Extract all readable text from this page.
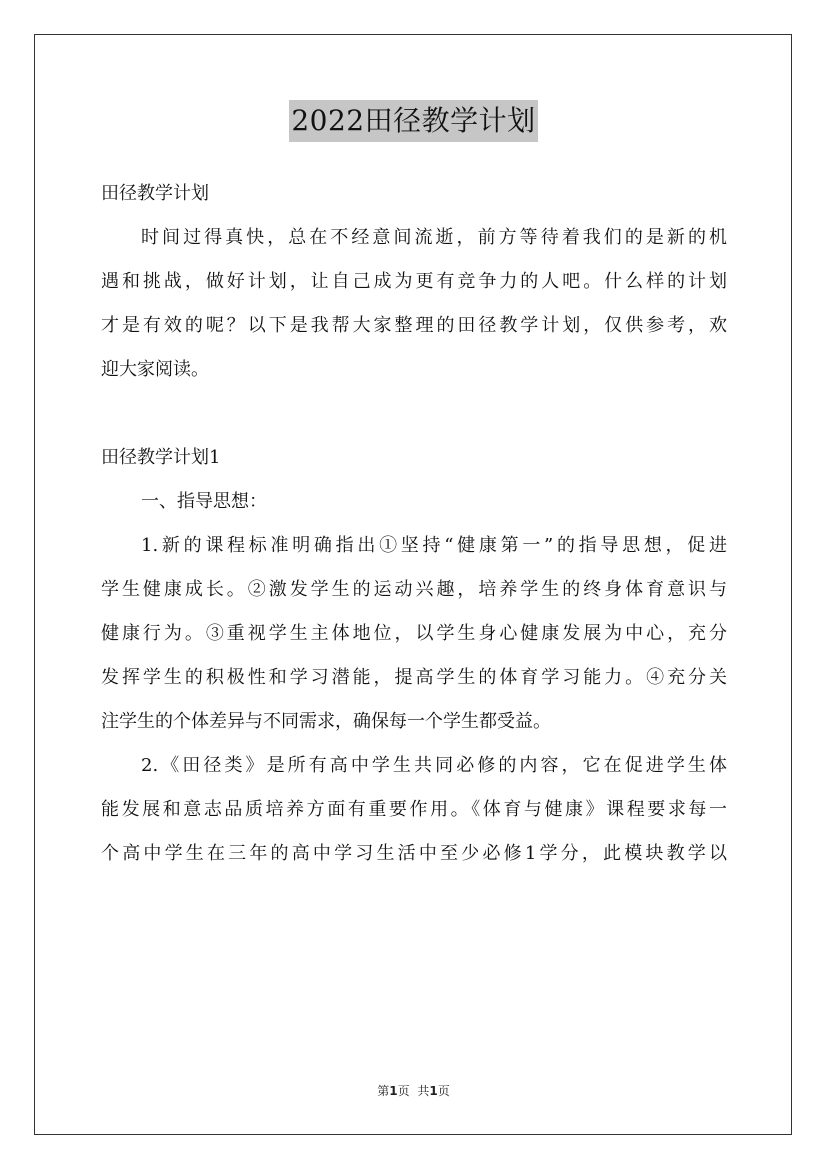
2022田径教学计划
田径教学计划
时间过得真快，总在不经意间流逝，前方等待着我们的是新的机
遇和挑战，做好计划，让自己成为更有竞争力的人吧。什么样的计划
才是有效的呢？以下是我帮大家整理的田径教学计划，仅供参考，欢
迎大家阅读。
田径教学计划1
一、指导思想：
1.新的课程标准明确指出①坚持“健康第一”的指导思想，促进
学生健康成长。②激发学生的运动兴趣，培养学生的终身体育意识与
健康行为。③重视学生主体地位，以学生身心健康发展为中心，充分
发挥学生的积极性和学习潜能，提高学生的体育学习能力。④充分关
注学生的个体差异与不同需求，确保每一个学生都受益。
2.《田径类》是所有高中学生共同必修的内容，它在促进学生体
能发展和意志品质培养方面有重要作用。《体育与健康》课程要求每一
个高中学生在三年的高中学习生活中至少必修1学分，此模块教学以
第1页 共1页
